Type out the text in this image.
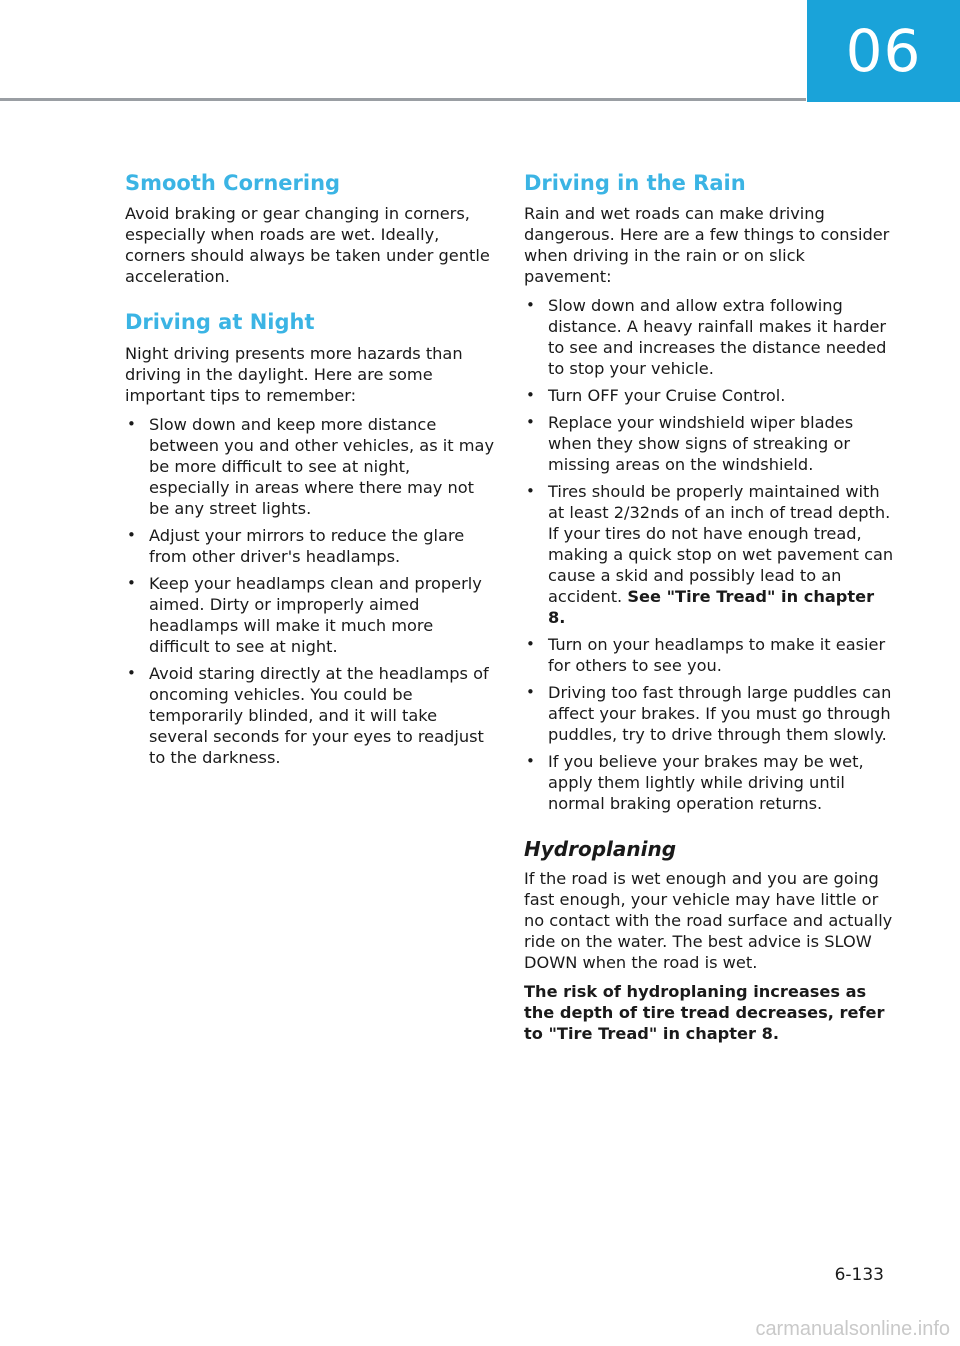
06
Smooth Cornering

Avoid braking or gear changing in corners, especially when roads are wet. Ideally, corners should always be taken under gentle acceleration.

Driving at Night

Night driving presents more hazards than driving in the daylight. Here are some important tips to remember:

• Slow down and keep more distance between you and other vehicles, as it may be more difficult to see at night, especially in areas where there may not be any street lights.
• Adjust your mirrors to reduce the glare from other driver's headlamps.
• Keep your headlamps clean and properly aimed. Dirty or improperly aimed headlamps will make it much more difficult to see at night.
• Avoid staring directly at the headlamps of oncoming vehicles. You could be temporarily blinded, and it will take several seconds for your eyes to readjust to the darkness.
Driving in the Rain

Rain and wet roads can make driving dangerous. Here are a few things to consider when driving in the rain or on slick pavement:

• Slow down and allow extra following distance. A heavy rainfall makes it harder to see and increases the distance needed to stop your vehicle.
• Turn OFF your Cruise Control.
• Replace your windshield wiper blades when they show signs of streaking or missing areas on the windshield.
• Tires should be properly maintained with at least 2/32nds of an inch of tread depth. If your tires do not have enough tread, making a quick stop on wet pavement can cause a skid and possibly lead to an accident. See "Tire Tread" in chapter 8.
• Turn on your headlamps to make it easier for others to see you.
• Driving too fast through large puddles can affect your brakes. If you must go through puddles, try to drive through them slowly.
• If you believe your brakes may be wet, apply them lightly while driving until normal braking operation returns.
Hydroplaning

If the road is wet enough and you are going fast enough, your vehicle may have little or no contact with the road surface and actually ride on the water. The best advice is SLOW DOWN when the road is wet.

The risk of hydroplaning increases as the depth of tire tread decreases, refer to "Tire Tread" in chapter 8.

6-133
carmanualsonline.info
